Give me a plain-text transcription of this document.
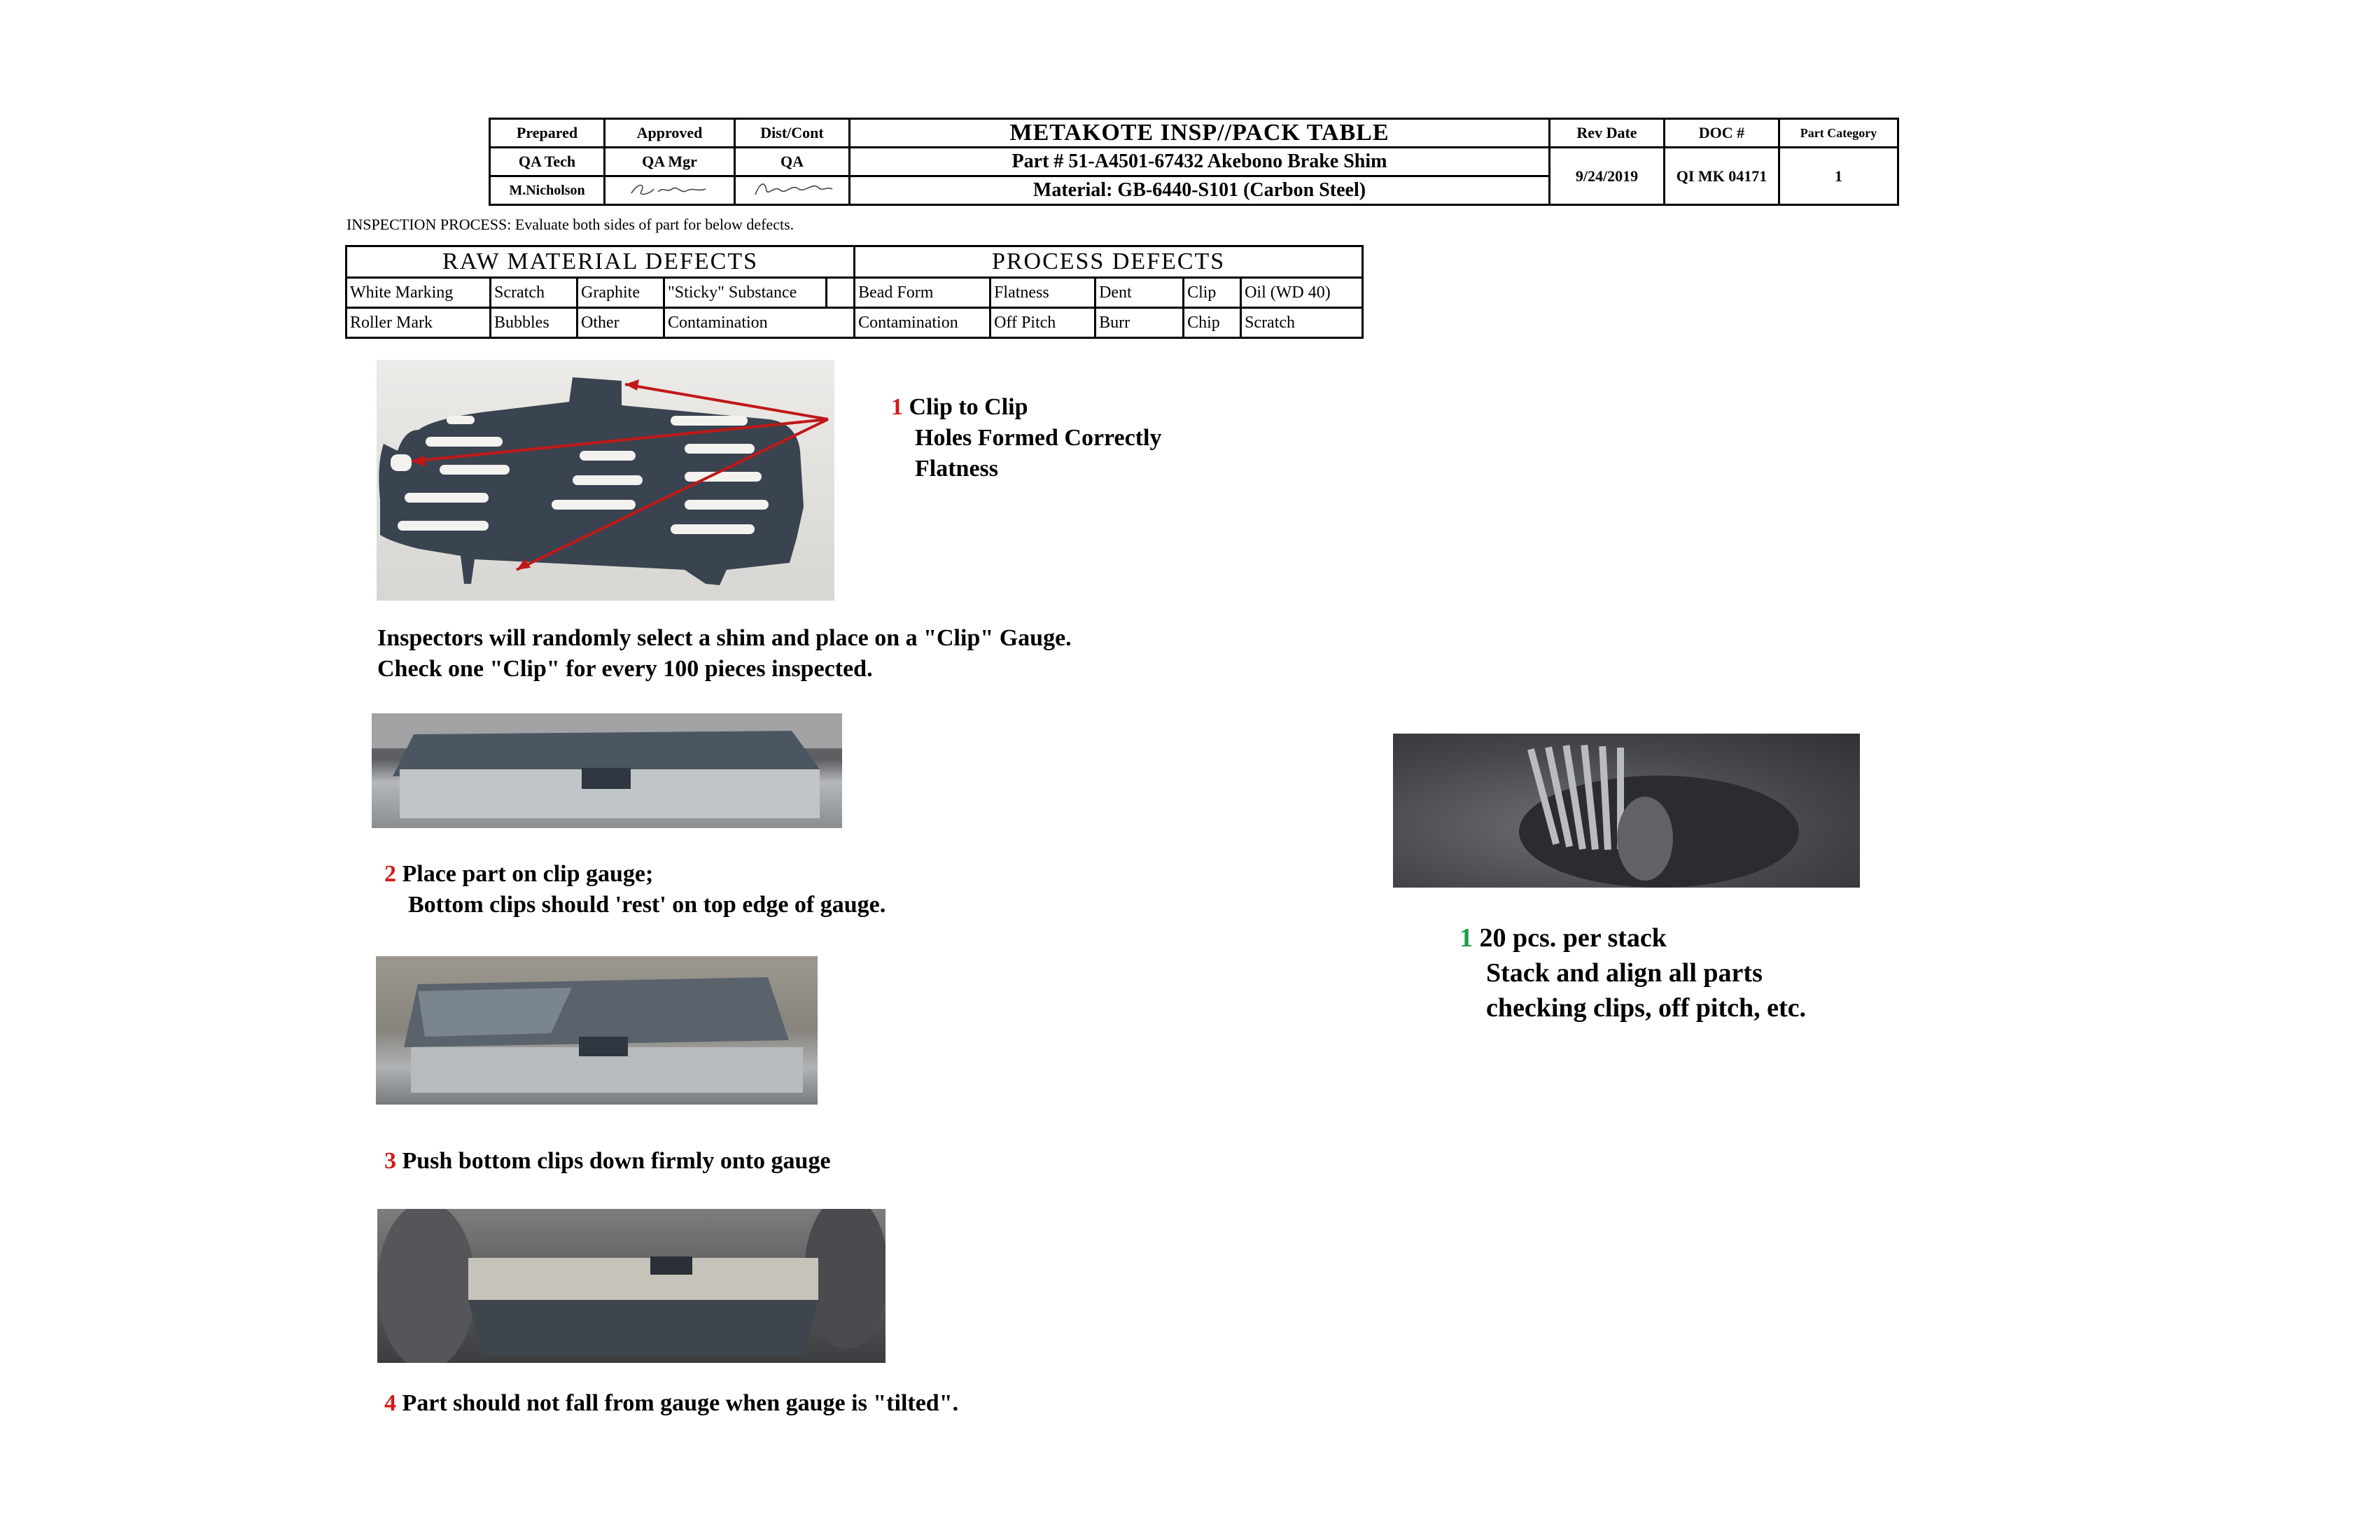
Prepared	Approved	Dist/Cont	METAKOTE INSP//PACK TABLE	Rev Date	DOC #	Part Category
QA Tech	QA Mgr	QA	Part # 51-A4501-67432 Akebono Brake Shim	9/24/2019	QI MK 04171	1
M.Nicholson			Material: GB-6440-S101 (Carbon Steel)			
INSPECTION PROCESS: Evaluate both sides of part for below defects.
RAW MATERIAL DEFECTS					PROCESS DEFECTS				
White Marking	Scratch	Graphite	"Sticky" Substance		Bead Form	Flatness	Dent	Clip	Oil (WD 40)
Roller Mark	Bubbles	Other	Contamination		Contamination	Off Pitch	Burr	Chip	Scratch
1 Clip to Clip
Holes Formed Correctly
Flatness
Inspectors will randomly select a shim and place on a "Clip" Gauge.
Check one "Clip" for every 100 pieces inspected.
2 Place part on clip gauge;
Bottom clips should 'rest' on top edge of gauge.
3 Push bottom clips down firmly onto gauge
4 Part should not fall from gauge when gauge is "tilted".
1 20 pcs. per stack
Stack and align all parts
checking clips, off pitch, etc.
